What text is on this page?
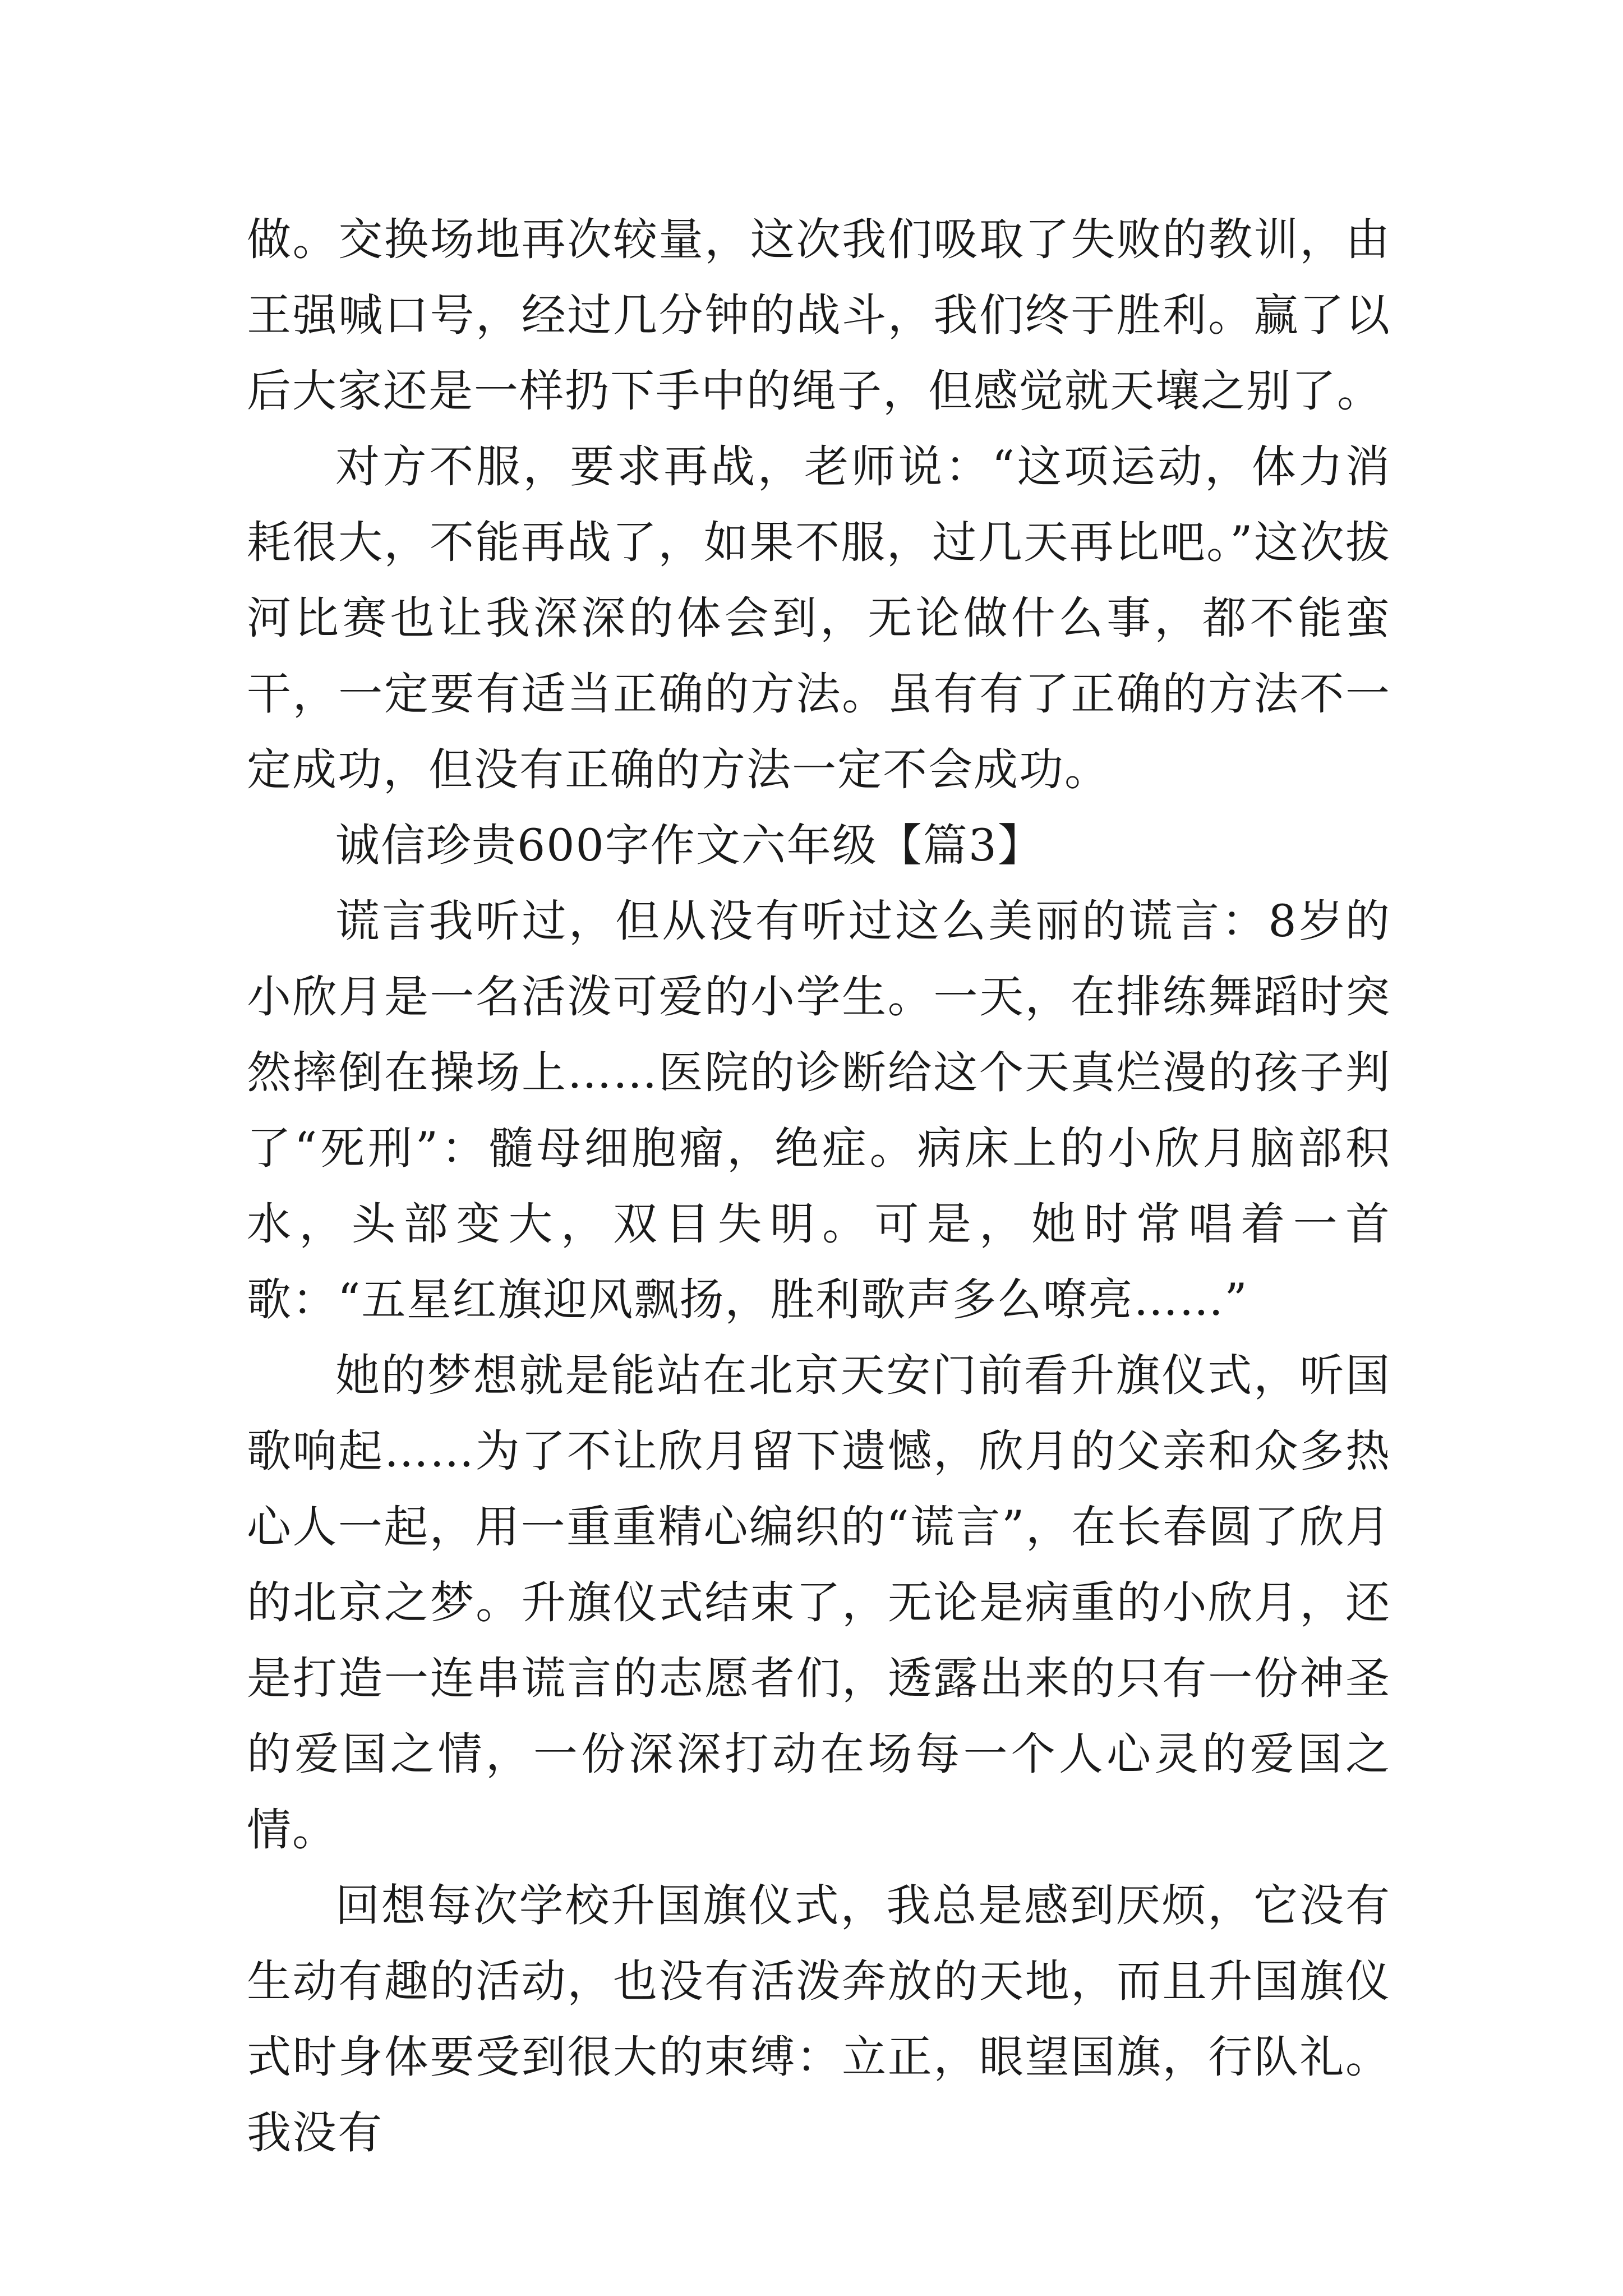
做。交换场地再次较量，这次我们吸取了失败的教训，由王强喊口号，经过几分钟的战斗，我们终于胜利。赢了以后大家还是一样扔下手中的绳子，但感觉就天壤之别了。

对方不服，要求再战，老师说：“这项运动，体力消耗很大，不能再战了，如果不服，过几天再比吧。”这次拔河比赛也让我深深的体会到，无论做什么事，都不能蛮干，一定要有适当正确的方法。虽有有了正确的方法不一定成功，但没有正确的方法一定不会成功。

诚信珍贵600字作文六年级【篇3】

谎言我听过，但从没有听过这么美丽的谎言：8岁的小欣月是一名活泼可爱的小学生。一天，在排练舞蹈时突然摔倒在操场上……医院的诊断给这个天真烂漫的孩子判了“死刑”：髓母细胞瘤，绝症。病床上的小欣月脑部积水，头部变大，双目失明。可是，她时常唱着一首歌：“五星红旗迎风飘扬，胜利歌声多么嘹亮……”

她的梦想就是能站在北京天安门前看升旗仪式，听国歌响起……为了不让欣月留下遗憾，欣月的父亲和众多热心人一起，用一重重精心编织的“谎言”，在长春圆了欣月的北京之梦。升旗仪式结束了，无论是病重的小欣月，还是打造一连串谎言的志愿者们，透露出来的只有一份神圣的爱国之情，一份深深打动在场每一个人心灵的爱国之情。

回想每次学校升国旗仪式，我总是感到厌烦，它没有生动有趣的活动，也没有活泼奔放的天地，而且升国旗仪式时身体要受到很大的束缚：立正，眼望国旗，行队礼。我没有
